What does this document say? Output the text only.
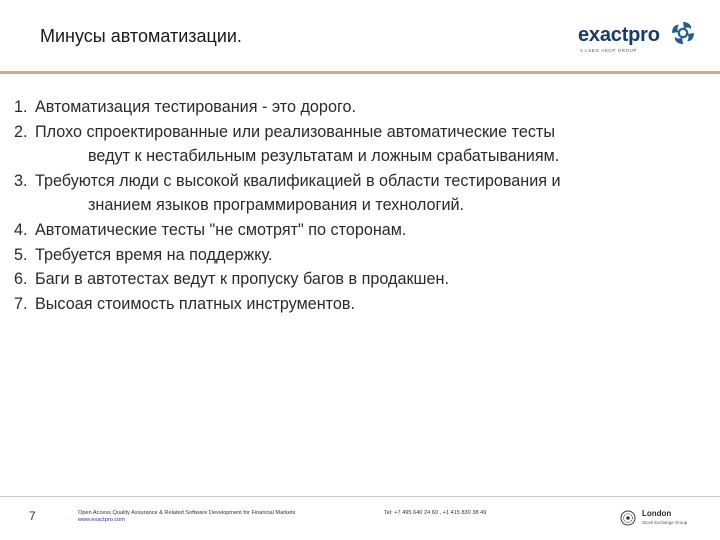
Минусы автоматизации.	exactpro
A LSEG AECP GROUP
1. Автоматизация тестирования - это дорого.
2. Плохо спроектированные или реализованные автоматические тесты
ведут к нестабильным результатам и ложным срабатываниям.
3. Требуются люди с высокой квалификацией в области тестирования и
знанием языков программирования и технологий.
4. Автоматические тесты "не смотрят" по сторонам.
5. Требуется время на поддержку.
6. Баги в автотестах ведут к пропуску багов в продакшен.
7. Высоая стоимость платных инструментов.
7	Open Access Quality Assurance & Related Software Development for Financial Markets
www.exactpro.com
Tel: +7 495 640 24 60 , +1 415 830 38 49	London
Stock Exchange Group
